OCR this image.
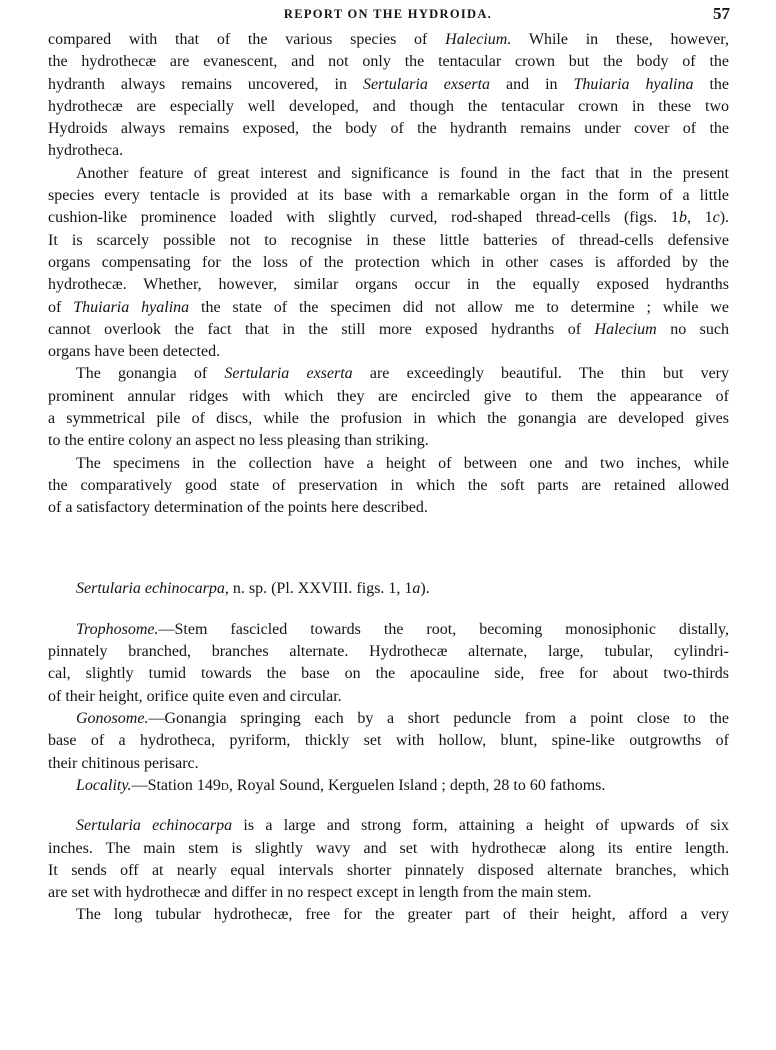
REPORT ON THE HYDROIDA.	57
compared with that of the various species of Halecium. While in these, however,
the hydrothecæ are evanescent, and not only the tentacular crown but the body of the
hydranth always remains uncovered, in Sertularia exserta and in Thuiaria hyalina the
hydrothecæ are especially well developed, and though the tentacular crown in these two
Hydroids always remains exposed, the body of the hydranth remains under cover of the
hydrotheca.
Another feature of great interest and significance is found in the fact that in the present
species every tentacle is provided at its base with a remarkable organ in the form of a little
cushion-like prominence loaded with slightly curved, rod-shaped thread-cells (figs. 1b, 1c).
It is scarcely possible not to recognise in these little batteries of thread-cells defensive
organs compensating for the loss of the protection which in other cases is afforded by the
hydrothecæ. Whether, however, similar organs occur in the equally exposed hydranths
of Thuiaria hyalina the state of the specimen did not allow me to determine ; while we
cannot overlook the fact that in the still more exposed hydranths of Halecium no such
organs have been detected.
The gonangia of Sertularia exserta are exceedingly beautiful. The thin but very
prominent annular ridges with which they are encircled give to them the appearance of
a symmetrical pile of discs, while the profusion in which the gonangia are developed gives
to the entire colony an aspect no less pleasing than striking.
The specimens in the collection have a height of between one and two inches, while
the comparatively good state of preservation in which the soft parts are retained allowed
of a satisfactory determination of the points here described.
Sertularia echinocarpa, n. sp. (Pl. XXVIII. figs. 1, 1a).
Trophosome.—Stem fascicled towards the root, becoming monosiphonic distally,
pinnately branched, branches alternate. Hydrothecæ alternate, large, tubular, cylindri-
cal, slightly tumid towards the base on the apocauline side, free for about two-thirds
of their height, orifice quite even and circular.
Gonosome.—Gonangia springing each by a short peduncle from a point close to the
base of a hydrotheca, pyriform, thickly set with hollow, blunt, spine-like outgrowths of
their chitinous perisarc.
Locality.—Station 149d, Royal Sound, Kerguelen Island ; depth, 28 to 60 fathoms.
Sertularia echinocarpa is a large and strong form, attaining a height of upwards of six
inches. The main stem is slightly wavy and set with hydrothecæ along its entire length.
It sends off at nearly equal intervals shorter pinnately disposed alternate branches, which
are set with hydrothecæ and differ in no respect except in length from the main stem.
The long tubular hydrothecæ, free for the greater part of their height, afford a very
